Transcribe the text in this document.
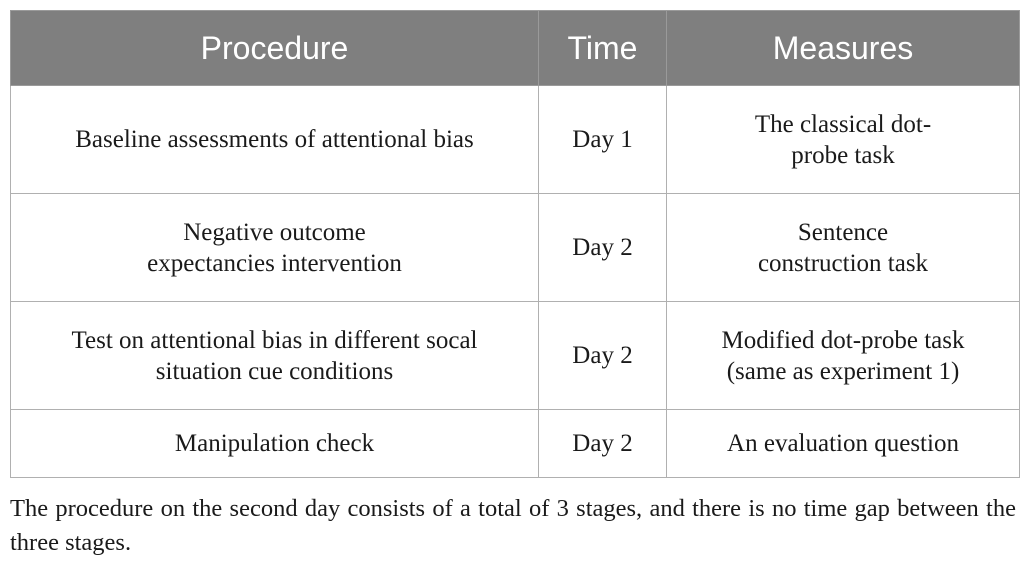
Procedure	Time	Measures

Baseline assessments of attentional bias	Day 1	The classical dot-
probe task

Negative outcome
expectancies intervention	Day 2	Sentence
construction task

Test on attentional bias in different socal
situation cue conditions	Day 2	Modified dot-probe task
(same as experiment 1)

Manipulation check	Day 2	An evaluation question
The procedure on the second day consists of a total of 3 stages, and there is no time gap between the three stages.
